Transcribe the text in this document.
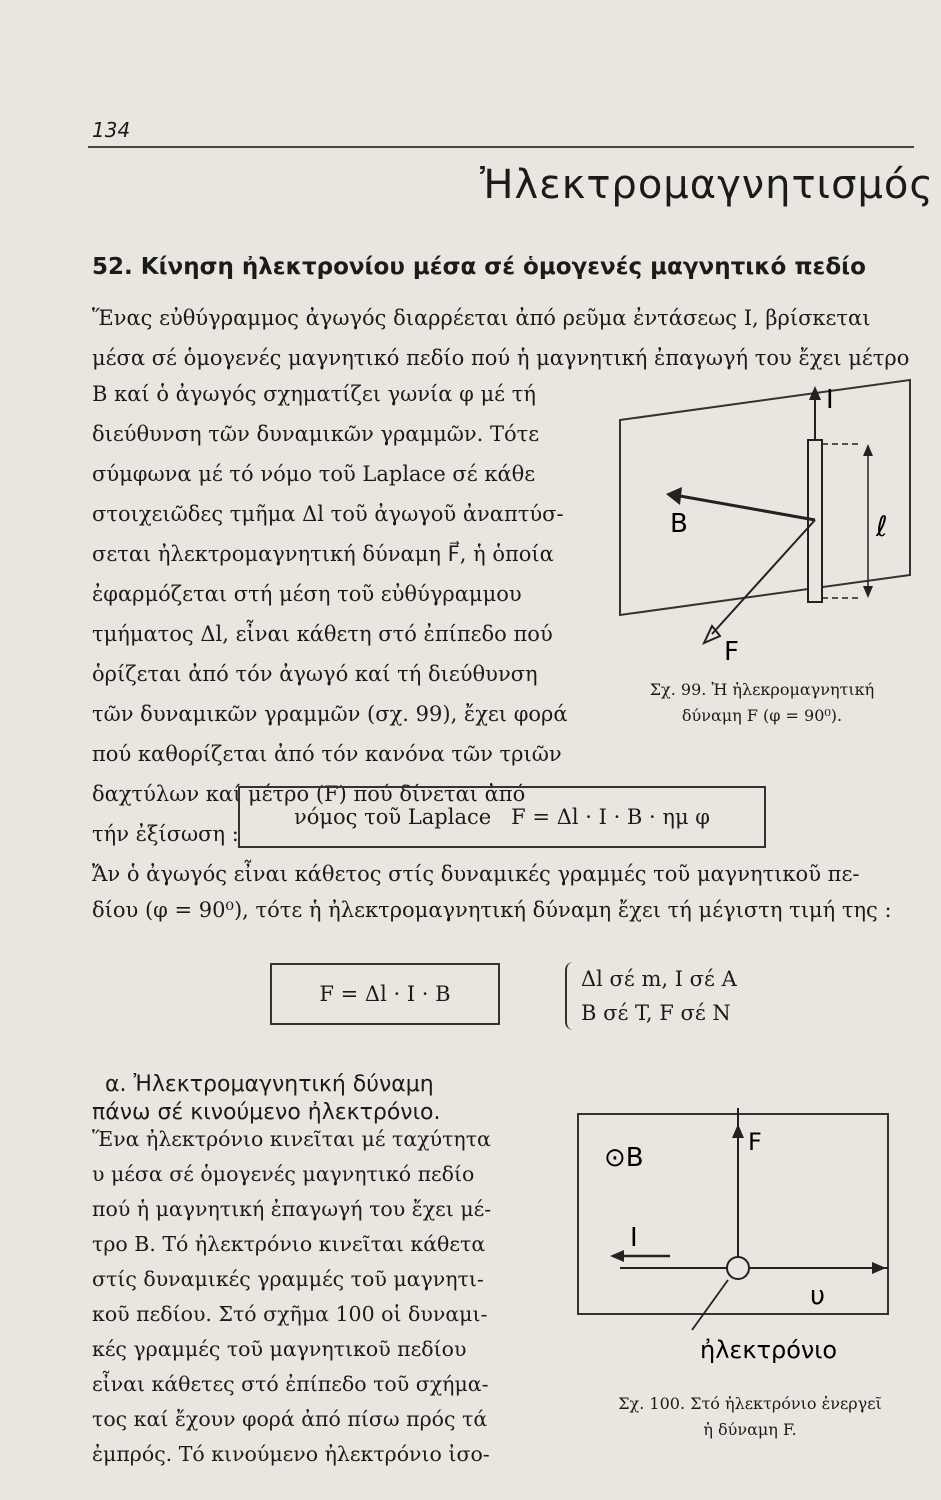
134
Ἠλεκτρομαγνητισμός
52. Κίνηση ἠλεκτρονίου μέσα σέ ὁμογενές μαγνητικό πεδίο
Ἕνας εὐθύγραμμος ἀγωγός διαρρέεται ἀπό ρεῦμα ἐντάσεως I, βρίσκεται
μέσα σέ ὁμογενές μαγνητικό πεδίο πού ἡ μαγνητική ἐπαγωγή του ἔχει μέτρο
B καί ὁ ἀγωγός σχηματίζει γωνία φ μέ τή
διεύθυνση τῶν δυναμικῶν γραμμῶν. Τότε
σύμφωνα μέ τό νόμο τοῦ Laplace σέ κάθε
στοιχειῶδες τμῆμα Δl τοῦ ἀγωγοῦ ἀναπτύσ-
σεται ἠλεκτρομαγνητική δύναμη F⃗, ἡ ὁποία
ἐφαρμόζεται στή μέση τοῦ εὐθύγραμμου
τμήματος Δl, εἶναι κάθετη στό ἐπίπεδο πού
ὁρίζεται ἀπό τόν ἀγωγό καί τή διεύθυνση
τῶν δυναμικῶν γραμμῶν (σχ. 99), ἔχει φορά
πού καθορίζεται ἀπό τόν κανόνα τῶν τριῶν
δαχτύλων καί μέτρο (F) πού δίνεται ἀπό
τήν ἐξίσωση :
I
B	ℓ
F
Σχ. 99. Ἡ ἠλεκρομαγνητική
δύναμη F (φ = 90⁰).
νόμος τοῦ Laplace   F = Δl · I · B · ημ φ
Ἄν ὁ ἀγωγός εἶναι κάθετος στίς δυναμικές γραμμές τοῦ μαγνητικοῦ πε-
δίου (φ = 90⁰), τότε ἡ ἠλεκτρομαγνητική δύναμη ἔχει τή μέγιστη τιμή της :
F = Δl · I · B
Δl σέ m, I σέ A
B σέ T, F σέ N
α. Ἠλεκτρομαγνητική δύναμη
πάνω σέ κινούμενο ἠλεκτρόνιο.
Ἕνα ἠλεκτρόνιο κινεῖται μέ ταχύτητα
υ μέσα σέ ὁμογενές μαγνητικό πεδίο
πού ἡ μαγνητική ἐπαγωγή του ἔχει μέ-
τρο B. Τό ἠλεκτρόνιο κινεῖται κάθετα
στίς δυναμικές γραμμές τοῦ μαγνητι-
κοῦ πεδίου. Στό σχῆμα 100 οἱ δυναμι-
κές γραμμές τοῦ μαγνητικοῦ πεδίου
εἶναι κάθετες στό ἐπίπεδο τοῦ σχήμα-
τος καί ἔχουν φορά ἀπό πίσω πρός τά
ἐμπρός. Τό κινούμενο ἠλεκτρόνιο ἰσο-
⊙B
F
I
υ
ἠλεκτρόνιο
Σχ. 100. Στό ἠλεκτρόνιο ἐνεργεῖ
ἡ δύναμη F.
